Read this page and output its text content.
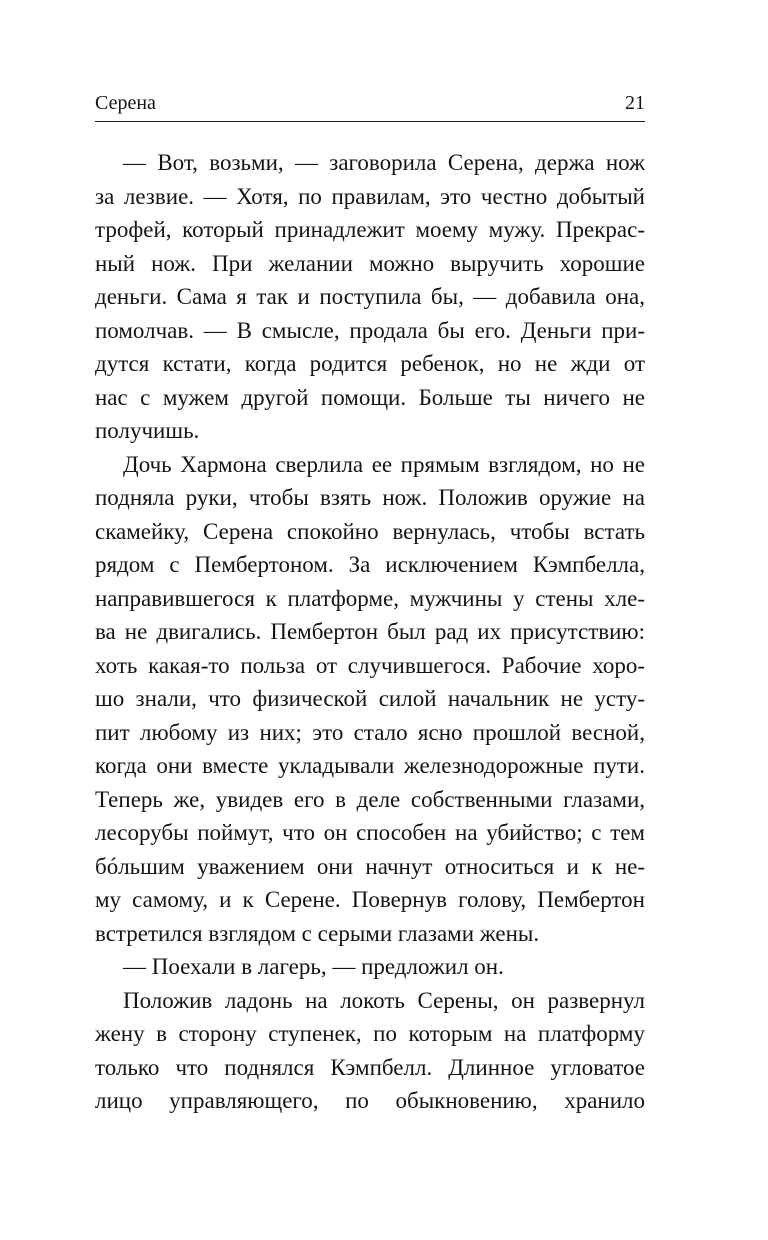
Серена	21
— Вот, возьми, — заговорила Серена, держа нож
за лезвие. — Хотя, по правилам, это честно добытый
трофей, который принадлежит моему мужу. Прекрас-
ный нож. При желании можно выручить хорошие
деньги. Сама я так и поступила бы, — добавила она,
помолчав. — В смысле, продала бы его. Деньги при-
дутся кстати, когда родится ребенок, но не жди от
нас с мужем другой помощи. Больше ты ничего не
получишь.
Дочь Хармона сверлила ее прямым взглядом, но не
подняла руки, чтобы взять нож. Положив оружие на
скамейку, Серена спокойно вернулась, чтобы встать
рядом с Пембертоном. За исключением Кэмпбелла,
направившегося к платформе, мужчины у стены хле-
ва не двигались. Пембертон был рад их присутствию:
хоть какая-то польза от случившегося. Рабочие хоро-
шо знали, что физической силой начальник не усту-
пит любому из них; это стало ясно прошлой весной,
когда они вместе укладывали железнодорожные пути.
Теперь же, увидев его в деле собственными глазами,
лесорубы поймут, что он способен на убийство; с тем
бóльшим уважением они начнут относиться и к не-
му самому, и к Серене. Повернув голову, Пембертон
встретился взглядом с серыми глазами жены.
— Поехали в лагерь, — предложил он.
Положив ладонь на локоть Серены, он развернул
жену в сторону ступенек, по которым на платформу
только что поднялся Кэмпбелл. Длинное угловатое
лицо управляющего, по обыкновению, хранило
